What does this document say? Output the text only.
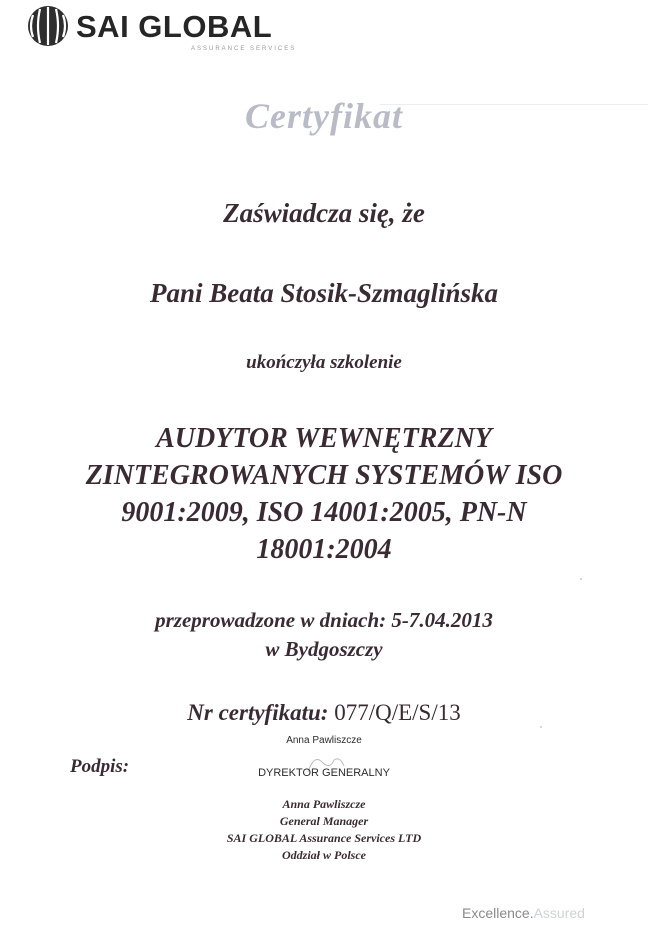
SAI GLOBAL
ASSURANCE SERVICES
Certyfikat
Zaświadcza się, że
Pani Beata Stosik-Szmaglińska
ukończyła szkolenie
AUDYTOR WEWNĘTRZNY
ZINTEGROWANYCH SYSTEMÓW ISO
9001:2009, ISO 14001:2005, PN-N
18001:2004
przeprowadzone w dniach: 5-7.04.2013
w Bydgoszczy
Nr certyfikatu: 077/Q/E/S/13
Anna Pawliszcze
Podpis:	DYREKTOR GENERALNY
Anna Pawliszcze
General Manager
SAI GLOBAL Assurance Services LTD
Oddział w Polsce
Excellence.Assured
